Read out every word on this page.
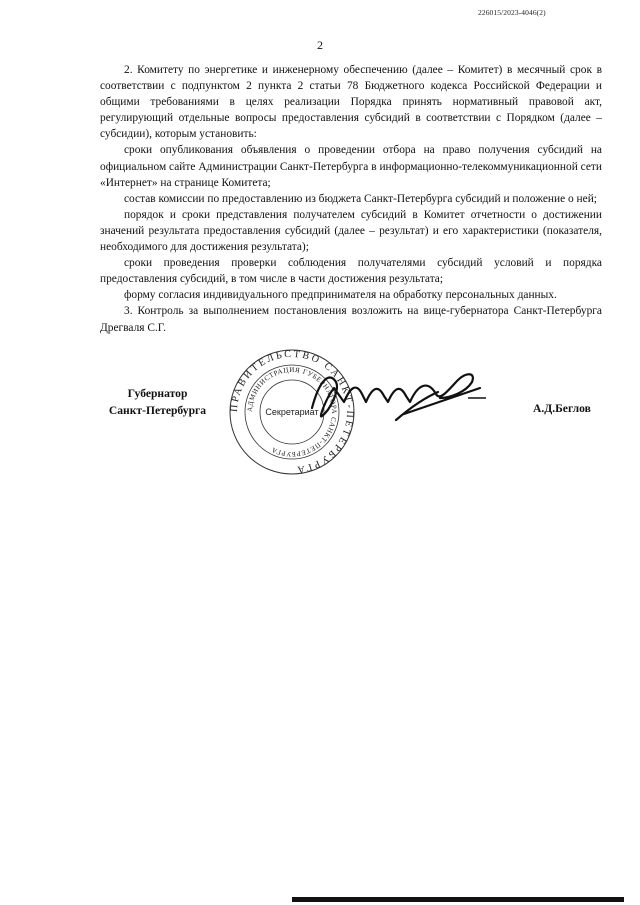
226015/2023-4046(2)
2

2. Комитету по энергетике и инженерному обеспечению (далее – Комитет) в месячный срок в соответствии с подпунктом 2 пункта 2 статьи 78 Бюджетного кодекса Российской Федерации и общими требованиями в целях реализации Порядка принять нормативный правовой акт, регулирующий отдельные вопросы предоставления субсидий в соответствии с Порядком (далее – субсидии), которым установить:

сроки опубликования объявления о проведении отбора на право получения субсидий на официальном сайте Администрации Санкт-Петербурга в информационно-телекоммуникационной сети «Интернет» на странице Комитета;

состав комиссии по предоставлению из бюджета Санкт-Петербурга субсидий и положение о ней;

порядок и сроки представления получателем субсидий в Комитет отчетности о достижении значений результата предоставления субсидий (далее – результат) и его характеристики (показателя, необходимого для достижения результата);

сроки проведения проверки соблюдения получателями субсидий условий и порядка предоставления субсидий, в том числе в части достижения результата;

форму согласия индивидуального предпринимателя на обработку персональных данных.

3. Контроль за выполнением постановления возложить на вице-губернатора Санкт-Петербурга Дрегваля С.Г.

Губернатор
Санкт-Петербурга	ПРАВИТЕЛЬСТВО САНКТ-ПЕТЕРБУРГА
АДМИНИСТРАЦИЯ ГУБЕРНАТОРА САНКТ-ПЕТЕРБУРГА
Секретариат	А.Д.Беглов
